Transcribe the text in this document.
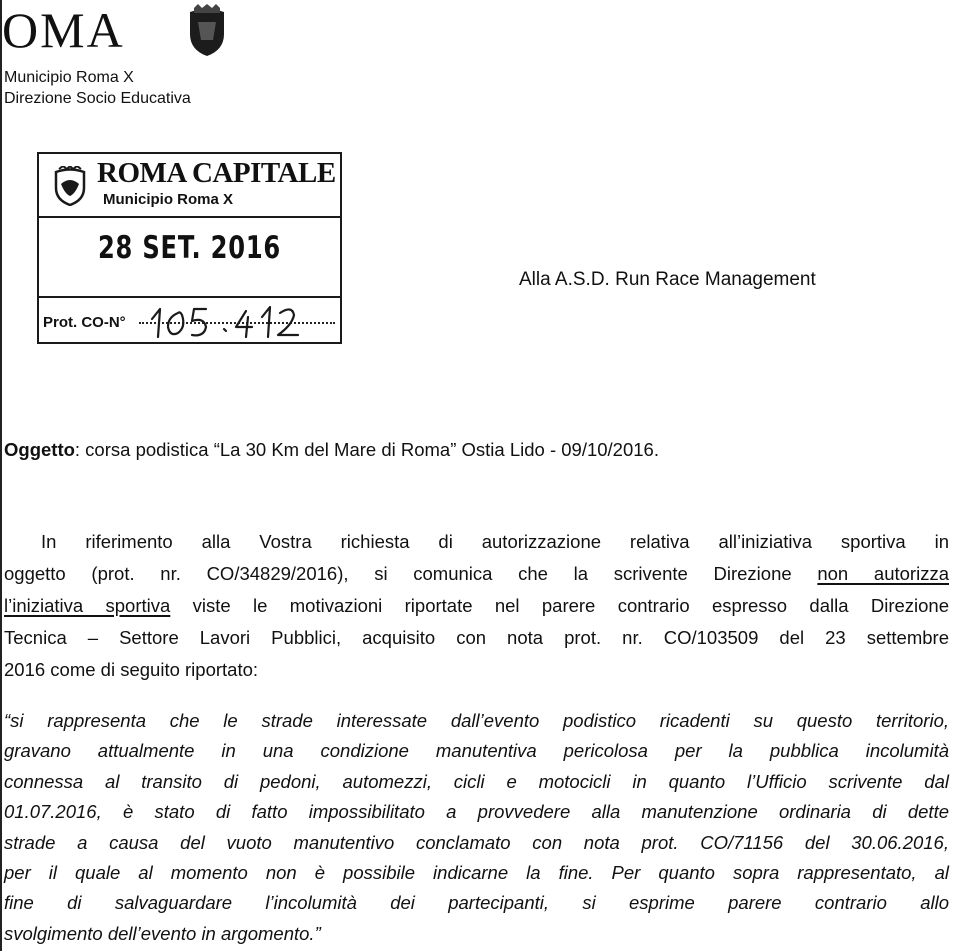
OMA
Municipio Roma X
Direzione Socio Educativa
ROMA CAPITALE
Municipio Roma X
28 SET. 2016
Prot. CO-N°
Alla A.S.D. Run Race Management
Oggetto: corsa podistica “La 30 Km del Mare di Roma” Ostia Lido - 09/10/2016.
In riferimento alla Vostra richiesta di autorizzazione relativa all’iniziativa sportiva in
oggetto (prot. nr. CO/34829/2016), si comunica che la scrivente Direzione non autorizza
l’iniziativa sportiva viste le motivazioni riportate nel parere contrario espresso dalla Direzione
Tecnica – Settore Lavori Pubblici, acquisito con nota prot. nr. CO/103509 del 23 settembre
2016 come di seguito riportato:
“si rappresenta che le strade interessate dall’evento podistico ricadenti su questo territorio,
gravano attualmente in una condizione manutentiva pericolosa per la pubblica incolumità
connessa al transito di pedoni, automezzi, cicli e motocicli in quanto l’Ufficio scrivente dal
01.07.2016, è stato di fatto impossibilitato a provvedere alla manutenzione ordinaria di dette
strade a causa del vuoto manutentivo conclamato con nota prot. CO/71156 del 30.06.2016,
per il quale al momento non è possibile indicarne la fine. Per quanto sopra rappresentato, al
fine di salvaguardare l’incolumità dei partecipanti, si esprime parere contrario allo
svolgimento dell’evento in argomento.”
